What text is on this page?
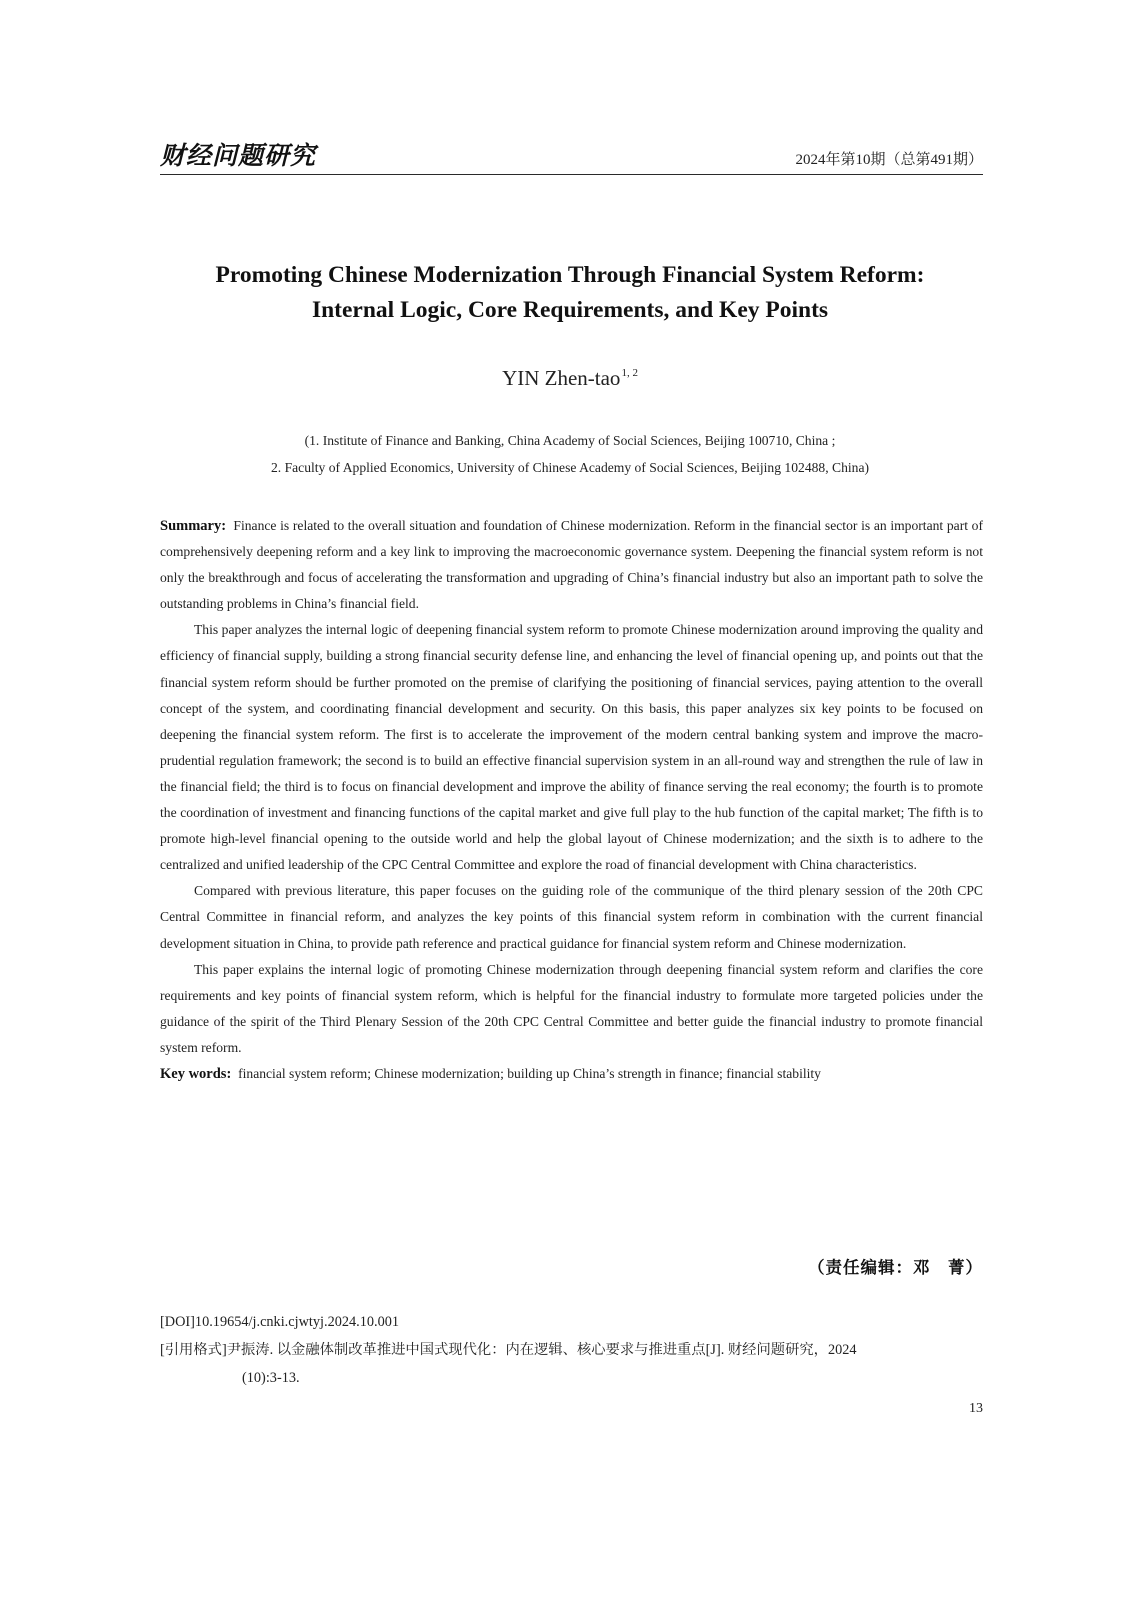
财经问题研究	2024年第10期（总第491期）
Promoting Chinese Modernization Through Financial System Reform:
Internal Logic, Core Requirements, and Key Points
YIN Zhen-tao$^{1, 2}$
(1. Institute of Finance and Banking, China Academy of Social Sciences, Beijing 100710, China ;
2. Faculty of Applied Economics, University of Chinese Academy of Social Sciences, Beijing 102488, China)

Summary: Finance is related to the overall situation and foundation of Chinese modernization. Reform in the financial sector is an important part of comprehensively deepening reform and a key link to improving the macroeconomic governance system. Deepening the financial system reform is not only the breakthrough and focus of accelerating the transformation and upgrading of China’s financial industry but also an important path to solve the outstanding problems in China’s financial field.

This paper analyzes the internal logic of deepening financial system reform to promote Chinese modernization around improving the quality and efficiency of financial supply, building a strong financial security defense line, and enhancing the level of financial opening up, and points out that the financial system reform should be further promoted on the premise of clarifying the positioning of financial services, paying attention to the overall concept of the system, and coordinating financial development and security. On this basis, this paper analyzes six key points to be focused on deepening the financial system reform. The first is to accelerate the improvement of the modern central banking system and improve the macro-prudential regulation framework; the second is to build an effective financial supervision system in an all-round way and strengthen the rule of law in the financial field; the third is to focus on financial development and improve the ability of finance serving the real economy; the fourth is to promote the coordination of investment and financing functions of the capital market and give full play to the hub function of the capital market; The fifth is to promote high-level financial opening to the outside world and help the global layout of Chinese modernization; and the sixth is to adhere to the centralized and unified leadership of the CPC Central Committee and explore the road of financial development with China characteristics.

Compared with previous literature, this paper focuses on the guiding role of the communique of the third plenary session of the 20th CPC Central Committee in financial reform, and analyzes the key points of this financial system reform in combination with the current financial development situation in China, to provide path reference and practical guidance for financial system reform and Chinese modernization.

This paper explains the internal logic of promoting Chinese modernization through deepening financial system reform and clarifies the core requirements and key points of financial system reform, which is helpful for the financial industry to formulate more targeted policies under the guidance of the spirit of the Third Plenary Session of the 20th CPC Central Committee and better guide the financial industry to promote financial system reform.

Key words: financial system reform; Chinese modernization; building up China’s strength in finance; financial stability

（责任编辑：邓　菁）
[DOI]10.19654/j.cnki.cjwtyj.2024.10.001
[引用格式]尹振涛. 以金融体制改革推进中国式现代化：内在逻辑、核心要求与推进重点[J]. 财经问题研究，2024
(10):3-13.
13
